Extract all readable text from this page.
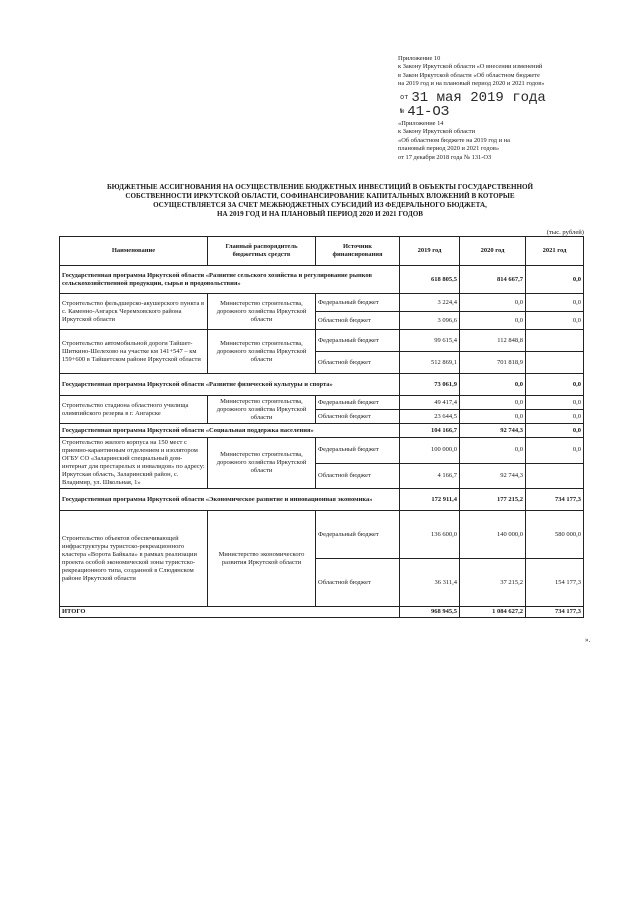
Приложение 10
к Закону Иркутской области «О внесении изменений
в Закон Иркутской области «Об областном бюджете
на 2019 год и на плановый период 2020 и 2021 годов»
$^{от}$ 31 мая 2019 года
№ 41-ОЗ
«Приложение 14
к Закону Иркутской области
«Об областном бюджете на 2019 год и на
плановый период 2020 и 2021 годов»
от 17 декабря 2018 года № 131-ОЗ
БЮДЖЕТНЫЕ АССИГНОВАНИЯ НА ОСУЩЕСТВЛЕНИЕ БЮДЖЕТНЫХ ИНВЕСТИЦИЙ В ОБЪЕКТЫ ГОСУДАРСТВЕННОЙ
СОБСТВЕННОСТИ ИРКУТСКОЙ ОБЛАСТИ, СОФИНАНСИРОВАНИЕ КАПИТАЛЬНЫХ ВЛОЖЕНИЙ В КОТОРЫЕ
ОСУЩЕСТВЛЯЕТСЯ ЗА СЧЕТ МЕЖБЮДЖЕТНЫХ СУБСИДИЙ ИЗ ФЕДЕРАЛЬНОГО БЮДЖЕТА,
НА 2019 ГОД И НА ПЛАНОВЫЙ ПЕРИОД 2020 И 2021 ГОДОВ
(тыс. рублей)
Наименование	Главный распорядитель бюджетных средств	Источник финансирования	2019 год	2020 год	2021 год
Государственная программа Иркутской области «Развитие сельского хозяйства и регулирование рынков сельскохозяйственной продукции, сырья и продовольствия»			618 805,5	814 667,7	0,0
Строительство фельдшерско-акушерского пункта в с. Каменно-Ангарск Черемховского района Иркутской области	Министерство строительства, дорожного хозяйства Иркутской области	Федеральный бюджет	3 224,4	0,0	0,0
		Областной бюджет	3 096,6	0,0	0,0
Строительство автомобильной дороги Тайшет-Шиткино-Шелехово на участке км 141+547 – км 159+600 в Тайшетском районе Иркутской области	Министерство строительства, дорожного хозяйства Иркутской области	Федеральный бюджет	99 615,4	112 848,8	
		Областной бюджет	512 869,1	701 818,9	
Государственная программа Иркутской области «Развитие физической культуры и спорта»			73 061,9	0,0	0,0
Строительство стадиона областного училища олимпийского резерва в г. Ангарске	Министерство строительства, дорожного хозяйства Иркутской области	Федеральный бюджет	49 417,4	0,0	0,0
		Областной бюджет	23 644,5	0,0	0,0
Государственная программа Иркутской области «Социальная поддержка населения»			104 166,7	92 744,3	0,0
Строительство жилого корпуса на 150 мест с приемно-карантинным отделением и изолятором ОГБУ СО «Заларинский специальный дом-интернат для престарелых и инвалидов» по адресу: Иркутская область, Заларинский район, с. Владимир, ул. Школьная, 1»	Министерство строительства, дорожного хозяйства Иркутской области	Федеральный бюджет	100 000,0	0,0	0,0
		Областной бюджет	4 166,7	92 744,3	
Государственная программа Иркутской области «Экономическое развитие и инновационная экономика»			172 911,4	177 215,2	734 177,3
Строительство объектов обеспечивающей инфраструктуры туристско-рекреационного кластера «Ворота Байкала» в рамках реализации проекта особой экономической зоны туристско-рекреационного типа, созданной в Слюдянском районе Иркутской области	Министерство экономического развития Иркутской области	Федеральный бюджет	136 600,0	140 000,0	580 000,0
		Областной бюджет	36 311,4	37 215,2	154 177,3
ИТОГО			968 945,5	1 084 627,2	734 177,3
».
